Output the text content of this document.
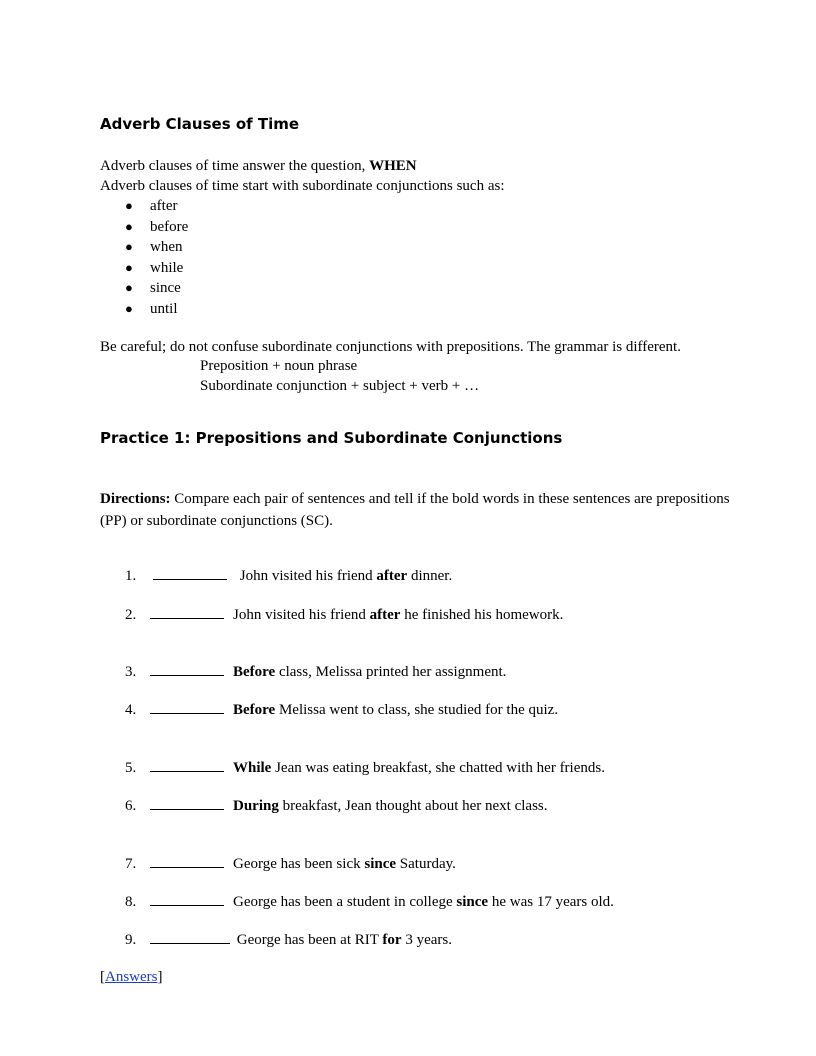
Adverb Clauses of Time
Adverb clauses of time answer the question, WHEN
Adverb clauses of time start with subordinate conjunctions such as:
● after
● before
● when
● while
● since
● until
Be careful; do not confuse subordinate conjunctions with prepositions. The grammar is different.
Preposition + noun phrase
Subordinate conjunction + subject + verb + …
Practice 1: Prepositions and Subordinate Conjunctions
Directions: Compare each pair of sentences and tell if the bold words in these sentences are prepositions (PP) or subordinate conjunctions (SC).
1.	John visited his friend after dinner.
2.	John visited his friend after he finished his homework.
3.	Before class, Melissa printed her assignment.
4.	Before Melissa went to class, she studied for the quiz.
5.	While Jean was eating breakfast, she chatted with her friends.
6.	During breakfast, Jean thought about her next class.
7.	George has been sick since Saturday.
8.	George has been a student in college since he was 17 years old.
9.	George has been at RIT for 3 years.
[Answers]
